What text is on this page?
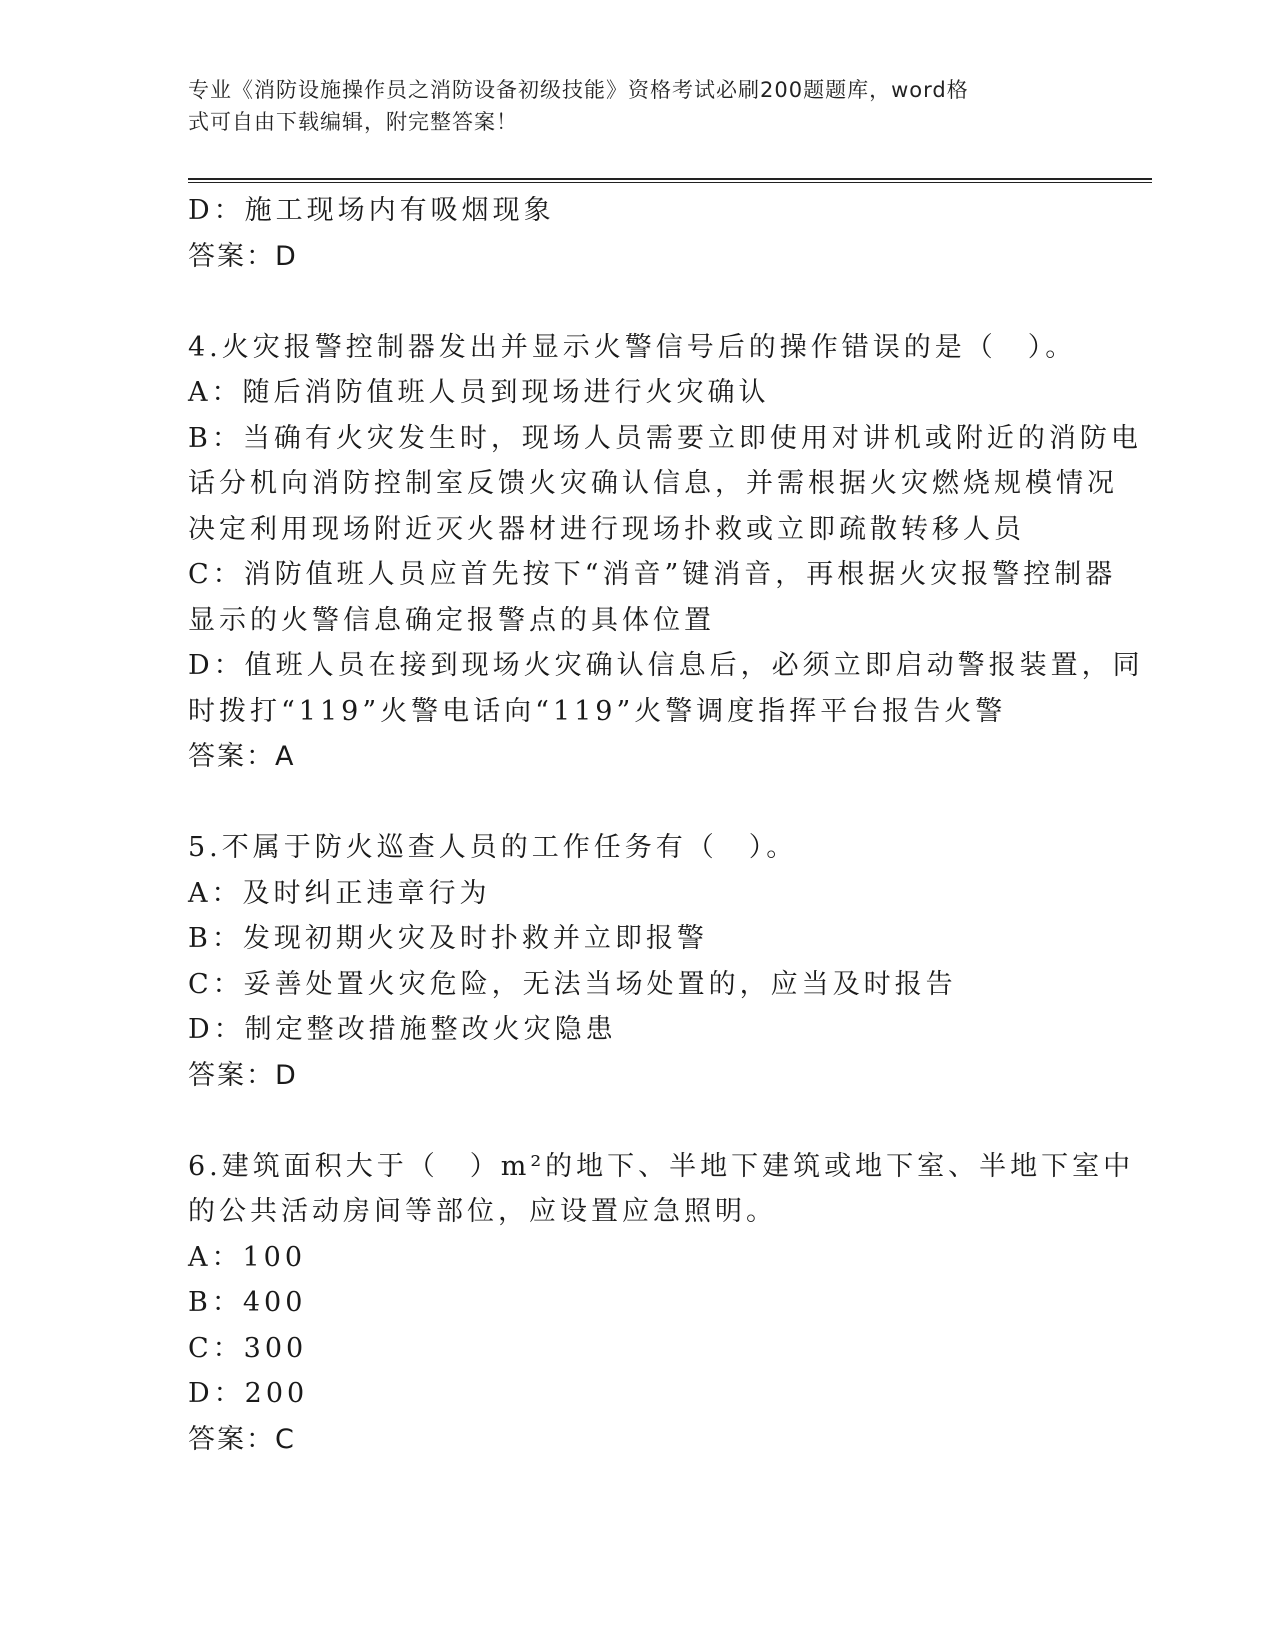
专业《消防设施操作员之消防设备初级技能》资格考试必刷200题题库，word格
式可自由下载编辑，附完整答案！

D：施工现场内有吸烟现象

答案：D

4.火灾报警控制器发出并显示火警信号后的操作错误的是（　）。

A：随后消防值班人员到现场进行火灾确认

B：当确有火灾发生时，现场人员需要立即使用对讲机或附近的消防电

话分机向消防控制室反馈火灾确认信息，并需根据火灾燃烧规模情况

决定利用现场附近灭火器材进行现场扑救或立即疏散转移人员

C：消防值班人员应首先按下“消音”键消音，再根据火灾报警控制器

显示的火警信息确定报警点的具体位置

D：值班人员在接到现场火灾确认信息后，必须立即启动警报装置，同

时拨打“119”火警电话向“119”火警调度指挥平台报告火警

答案：A

5.不属于防火巡查人员的工作任务有（　）。

A：及时纠正违章行为

B：发现初期火灾及时扑救并立即报警

C：妥善处置火灾危险，无法当场处置的，应当及时报告

D：制定整改措施整改火灾隐患

答案：D

6.建筑面积大于（　）m²的地下、半地下建筑或地下室、半地下室中

的公共活动房间等部位，应设置应急照明。

A：100

B：400

C：300

D：200

答案：C
